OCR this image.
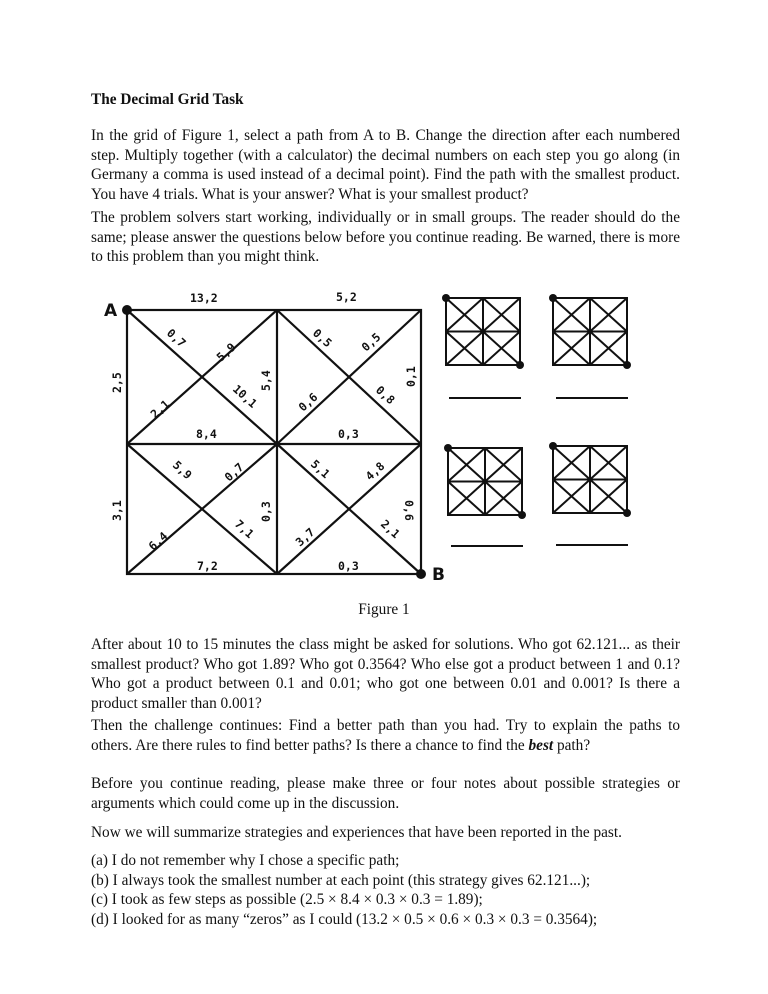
The Decimal Grid Task

In the grid of Figure 1, select a path from A to B. Change the direction after each numbered step. Multiply together (with a calculator) the decimal numbers on each step you go along (in Germany a comma is used instead of a decimal point). Find the path with the smallest product. You have 4 trials. What is your answer? What is your smallest product?

The problem solvers start working, individually or in small groups. The reader should do the same; please answer the questions below before you continue reading. Be warned, there is more to this problem than you might think.

A
B
13,2	5,2
8,4	0,3
7,2	0,3
2,5
3,1
5,4
0,3
0,1
0,6
0,7
5,9
2,1	10,1
0,5 0,5
0,6	0,8
5,9 0,7
6,4	7,1
5,1	4,8
3,7	2,1
Figure 1

After about 10 to 15 minutes the class might be asked for solutions. Who got 62.121... as their smallest product? Who got 1.89? Who got 0.3564? Who else got a product between 1 and 0.1? Who got a product between 0.1 and 0.01; who got one between 0.01 and 0.001? Is there a product smaller than 0.001?

Then the challenge continues: Find a better path than you had. Try to explain the paths to others. Are there rules to find better paths? Is there a chance to find the best path?

Before you continue reading, please make three or four notes about possible strategies or arguments which could come up in the discussion.

Now we will summarize strategies and experiences that have been reported in the past.

(a) I do not remember why I chose a specific path;
(b) I always took the smallest number at each point (this strategy gives 62.121...);
(c) I took as few steps as possible (2.5 × 8.4 × 0.3 × 0.3 = 1.89);
(d) I looked for as many “zeros” as I could (13.2 × 0.5 × 0.6 × 0.3 × 0.3 = 0.3564);
